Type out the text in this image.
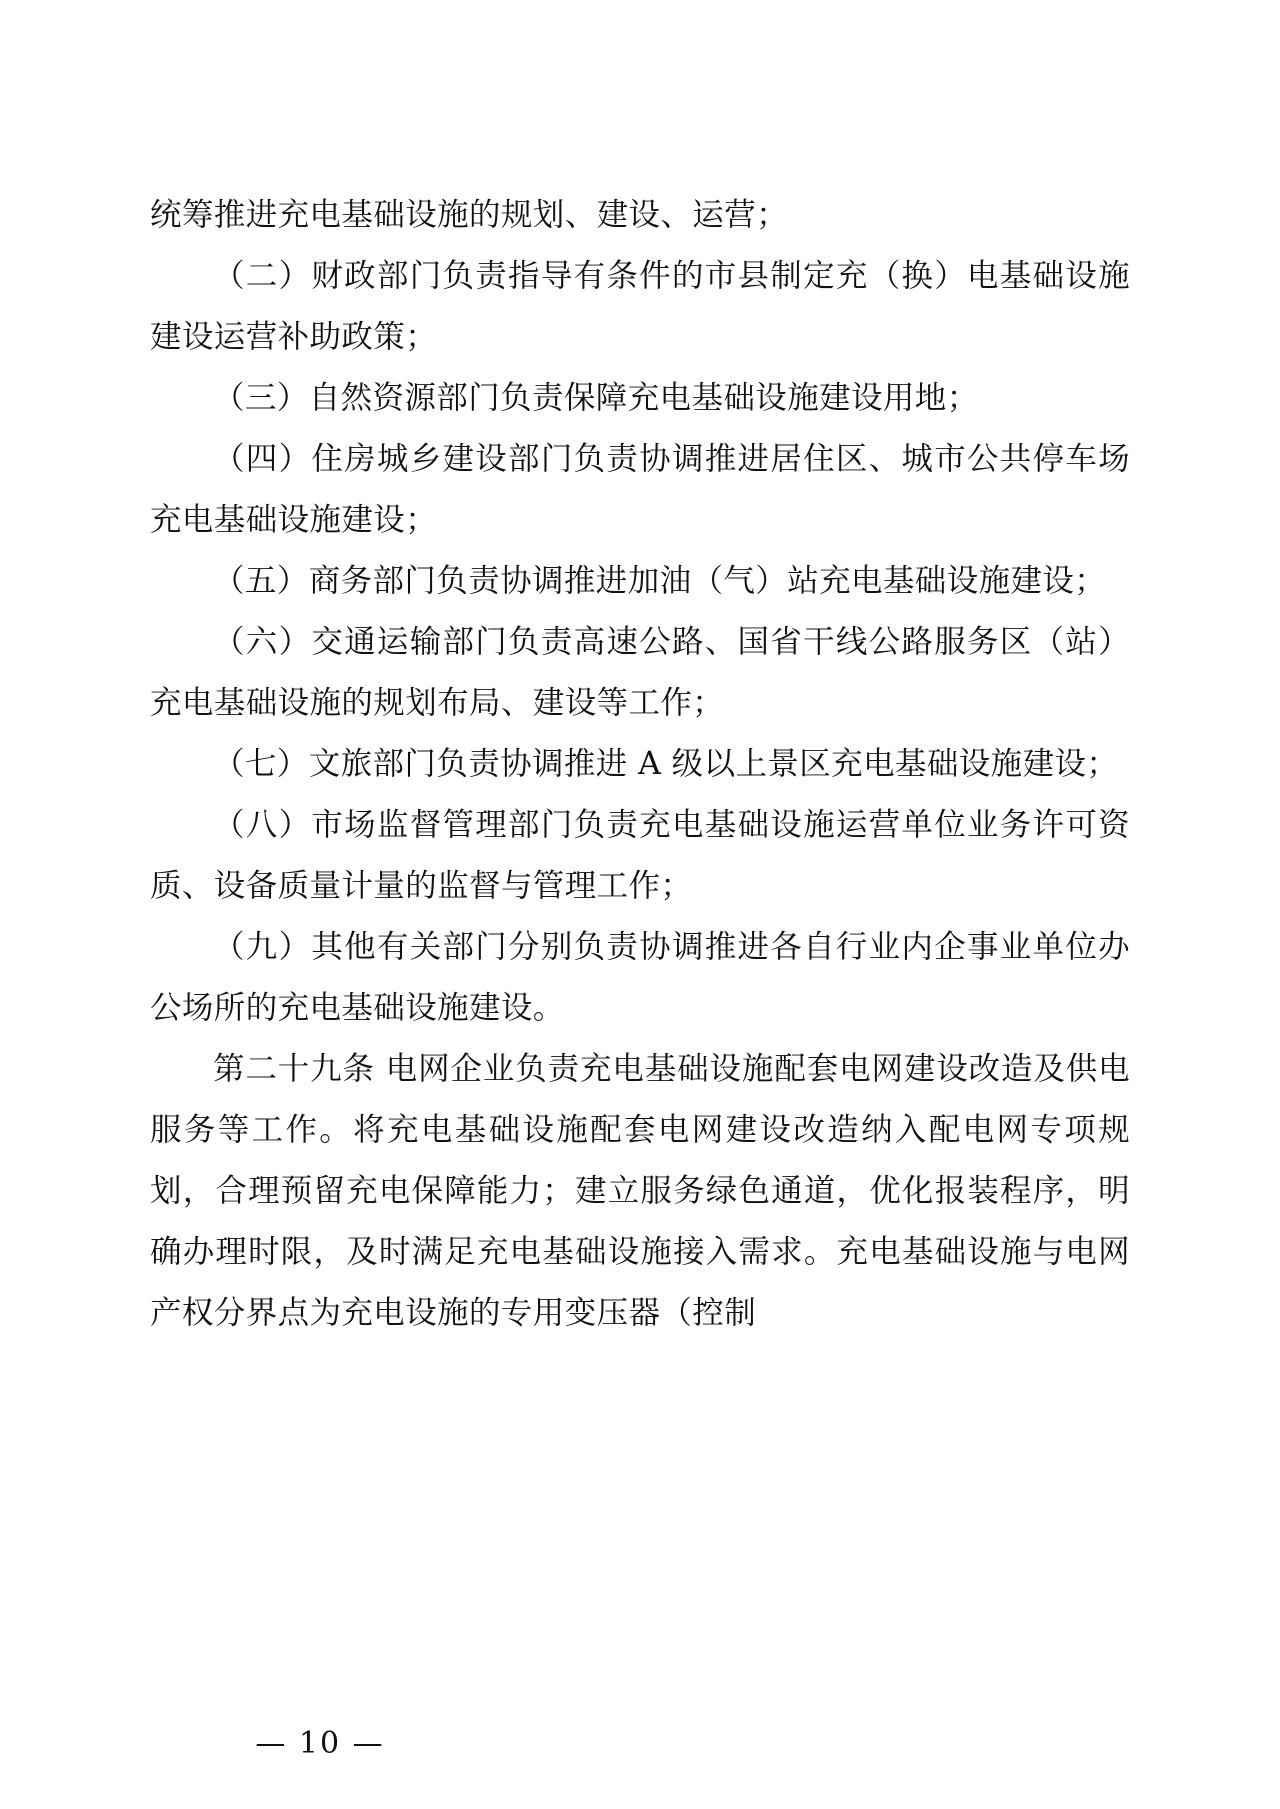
统筹推进充电基础设施的规划、建设、运营；

（二）财政部门负责指导有条件的市县制定充（换）电基础设施建设运营补助政策；

（三）自然资源部门负责保障充电基础设施建设用地；

（四）住房城乡建设部门负责协调推进居住区、城市公共停车场充电基础设施建设；

（五）商务部门负责协调推进加油（气）站充电基础设施建设；

（六）交通运输部门负责高速公路、国省干线公路服务区（站）充电基础设施的规划布局、建设等工作；

（七）文旅部门负责协调推进 A 级以上景区充电基础设施建设；

（八）市场监督管理部门负责充电基础设施运营单位业务许可资质、设备质量计量的监督与管理工作；

（九）其他有关部门分别负责协调推进各自行业内企事业单位办公场所的充电基础设施建设。

第二十九条 电网企业负责充电基础设施配套电网建设改造及供电服务等工作。将充电基础设施配套电网建设改造纳入配电网专项规划，合理预留充电保障能力；建立服务绿色通道，优化报装程序，明确办理时限，及时满足充电基础设施接入需求。充电基础设施与电网产权分界点为充电设施的专用变压器（控制

— 10 —
